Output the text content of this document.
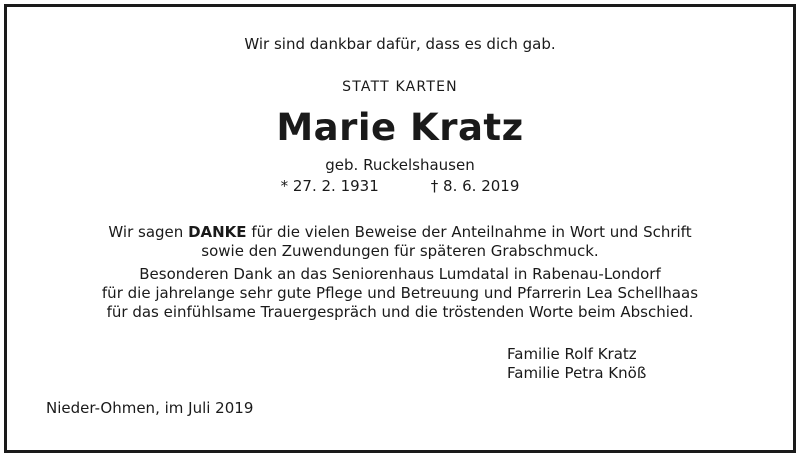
Wir sind dankbar dafür, dass es dich gab.
STATT KARTEN
Marie Kratz
geb. Ruckelshausen
* 27. 2. 1931	† 8. 6. 2019
Wir sagen DANKE für die vielen Beweise der Anteilnahme in Wort und Schrift
sowie den Zuwendungen für späteren Grabschmuck.
Besonderen Dank an das Seniorenhaus Lumdatal in Rabenau-Londorf
für die jahrelange sehr gute Pflege und Betreuung und Pfarrerin Lea Schellhaas
für das einfühlsame Trauergespräch und die tröstenden Worte beim Abschied.
Familie Rolf Kratz
Familie Petra Knöß
Nieder-Ohmen, im Juli 2019
